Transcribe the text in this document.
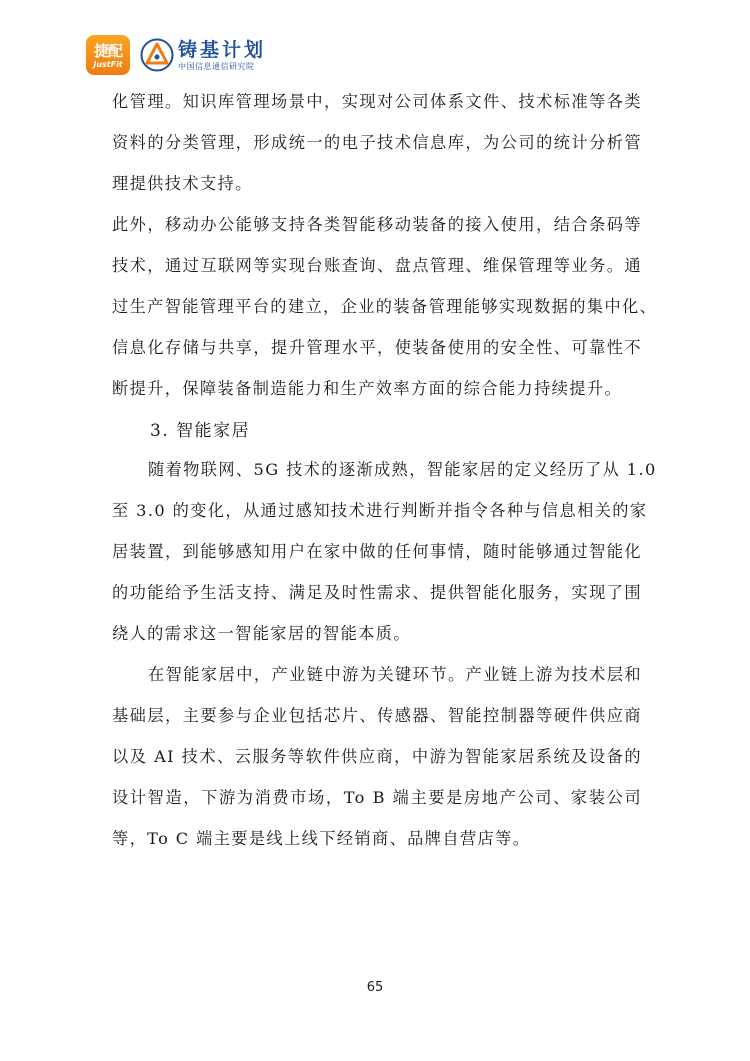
捷配
JustFit
铸基计划
中国信息通信研究院
化管理。知识库管理场景中，实现对公司体系文件、技术标准等各类
资料的分类管理，形成统一的电子技术信息库，为公司的统计分析管
理提供技术支持。
此外，移动办公能够支持各类智能移动装备的接入使用，结合条码等
技术，通过互联网等实现台账查询、盘点管理、维保管理等业务。通
过生产智能管理平台的建立，企业的装备管理能够实现数据的集中化、
信息化存储与共享，提升管理水平，使装备使用的安全性、可靠性不
断提升，保障装备制造能力和生产效率方面的综合能力持续提升。
3. 智能家居
随着物联网、5G 技术的逐渐成熟，智能家居的定义经历了从 1.0
至 3.0 的变化，从通过感知技术进行判断并指令各种与信息相关的家
居装置，到能够感知用户在家中做的任何事情，随时能够通过智能化
的功能给予生活支持、满足及时性需求、提供智能化服务，实现了围
绕人的需求这一智能家居的智能本质。
在智能家居中，产业链中游为关键环节。产业链上游为技术层和
基础层，主要参与企业包括芯片、传感器、智能控制器等硬件供应商
以及 AI 技术、云服务等软件供应商，中游为智能家居系统及设备的
设计智造，下游为消费市场，To B 端主要是房地产公司、家装公司
等，To C 端主要是线上线下经销商、品牌自营店等。
65
